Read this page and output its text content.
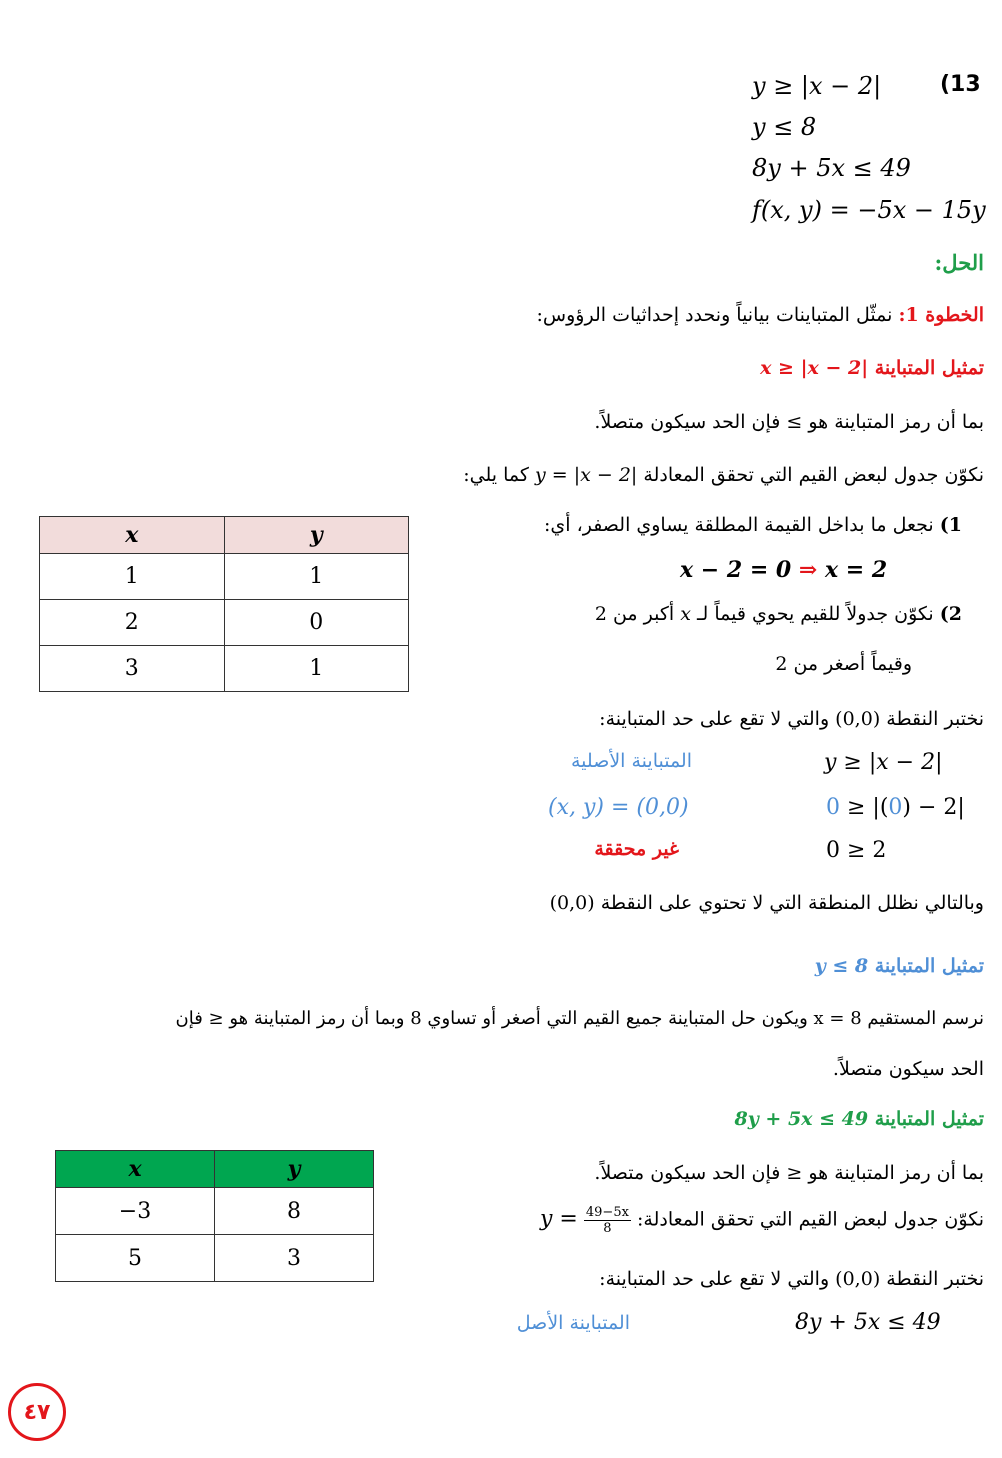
(13
y ≥ |x − 2|
y ≤ 8
8y + 5x ≤ 49
f(x, y) = −5x − 15y
الحل:
الخطوة 1: نمثّل المتباينات بيانياً ونحدد إحداثيات الرؤوس:
تمثيل المتباينة x ≥ |x − 2|
بما أن رمز المتباينة هو ≥ فإن الحد سيكون متصلاً.
نكوّن جدول لبعض القيم التي تحقق المعادلة y = |x − 2| كما يلي:
x	y
1	1
2	0
3	1
1) نجعل ما بداخل القيمة المطلقة يساوي الصفر، أي:
x − 2 = 0 ⇒ x = 2
2) نكوّن جدولاً للقيم يحوي قيماً لـ x أكبر من 2
وقيماً أصغر من 2
نختبر النقطة (0,0) والتي لا تقع على حد المتباينة:
المتباينة الأصلية	y ≥ |x − 2|
(x, y) = (0,0)	0 ≥ |(0) − 2|
غير محققة	0 ≥ 2
وبالتالي نظلل المنطقة التي لا تحتوي على النقطة (0,0)
تمثيل المتباينة y ≤ 8
نرسم المستقيم x = 8 ويكون حل المتباينة جميع القيم التي أصغر أو تساوي 8 وبما أن رمز المتباينة هو ≤ فإن
الحد سيكون متصلاً.
تمثيل المتباينة 8y + 5x ≤ 49
x	y
−3	8
5	3
بما أن رمز المتباينة هو ≤ فإن الحد سيكون متصلاً.
نكوّن جدول لبعض القيم التي تحقق المعادلة: $y = \frac{49-5x}{8}$
نختبر النقطة (0,0) والتي لا تقع على حد المتباينة:
المتباينة الأصل	8y + 5x ≤ 49
٤٧
